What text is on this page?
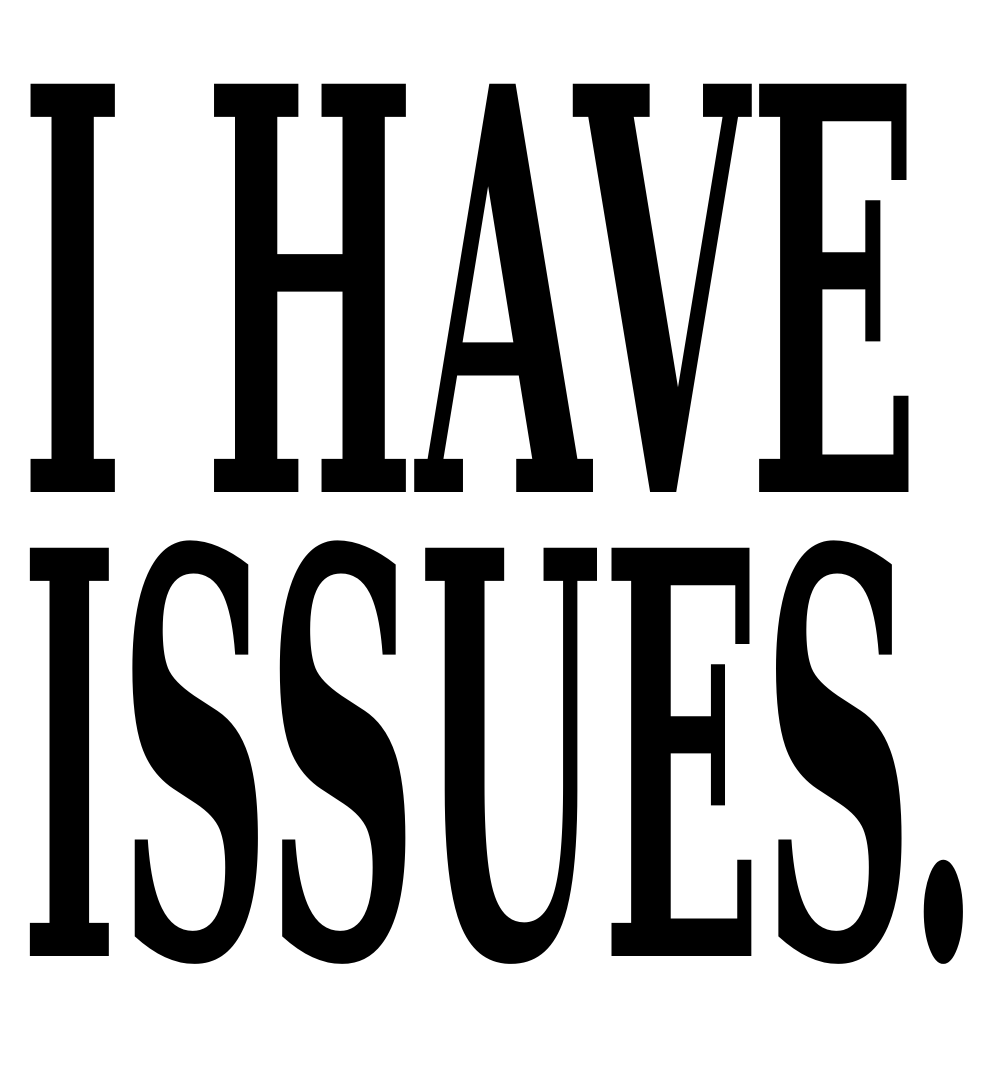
I HAVE
ISSUES.
